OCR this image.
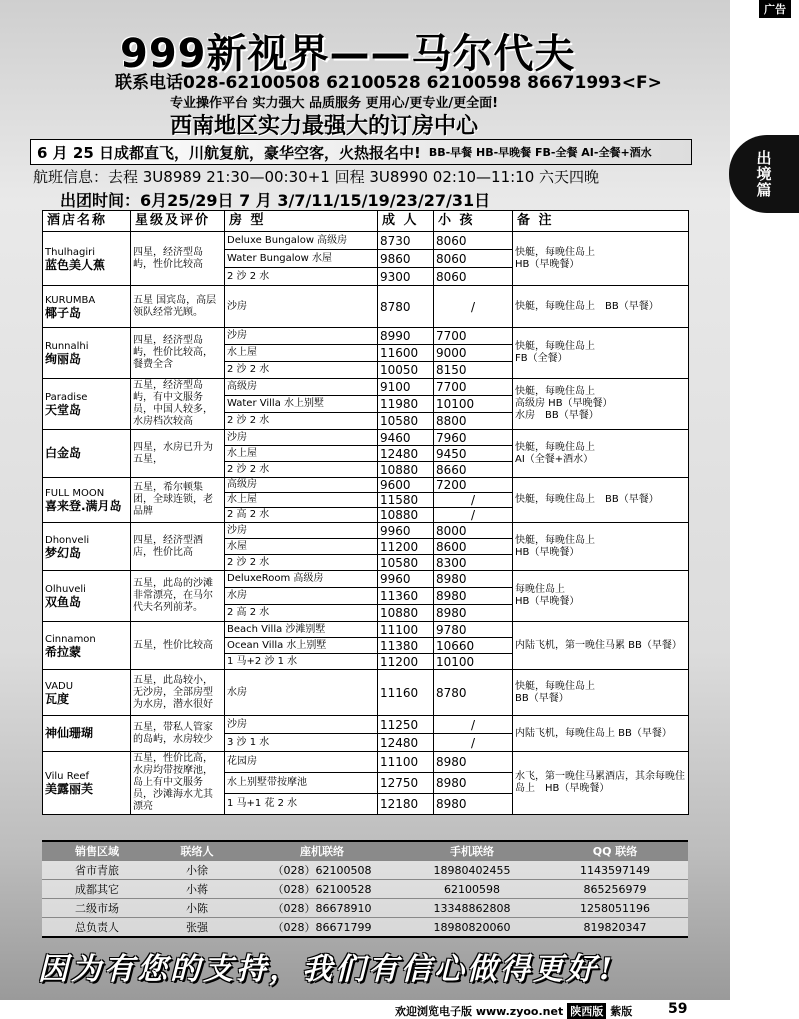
999新视界——马尔代夫
联系电话028-62100508 62100528 62100598 86671993<F>
专业操作平台 实力强大 品质服务 更用心/更专业/更全面!
西南地区实力最强大的订房中心
6 月 25 日成都直飞，川航复航，豪华空客，火热报名中! BB-早餐 HB-早晚餐 FB-全餐 AI-全餐+酒水
航班信息：去程 3U8989 21:30—00:30+1 回程 3U8990 02:10—11:10 六天四晚
出团时间：6月25/29日 7 月 3/7/11/15/19/23/27/31日
酒店名称	星级及评价	房 型	成 人	小 孩	备 注

Thulhagiri
蓝色美人蕉	四星，经济型岛屿，性价比较高	Deluxe Bungalow 高级房	8730	8060	快艇，每晚住岛上
HB（早晚餐）
		Water Bungalow 水屋	9860	8060	
		2 沙 2 水	9300	8060	

KURUMBA
椰子岛	五星 国宾岛，高层领队经常光顾。	沙房	8780	/	快艇，每晚住岛上　BB（早餐）

Runnalhi
绚丽岛	四星，经济型岛屿，性价比较高，餐费全含	沙房	8990	7700	快艇，每晚住岛上
FB（全餐）
		水上屋	11600	9000	
		2 沙 2 水	10050	8150	

Paradise
天堂岛	五星，经济型岛屿，有中文服务员，中国人较多，水房档次较高	高级房	9100	7700	快艇，每晚住岛上
高级房 HB（早晚餐）
水房　BB（早餐）
		Water Villa 水上别墅	11980	10100	
		2 沙 2 水	10580	8800	

白金岛	四星，水房已升为五星，	沙房	9460	7960	快艇，每晚住岛上
AI（全餐+酒水）
		水上屋	12480	9450	
		2 沙 2 水	10880	8660	

FULL MOON
喜来登.满月岛	五星，希尔顿集团，全球连锁，老品牌	高级房	9600	7200	快艇，每晚住岛上　BB（早餐）
		水上屋	11580	/	
		2 高 2 水	10880	/	

Dhonveli
梦幻岛	四星，经济型酒店，性价比高	沙房	9960	8000	快艇，每晚住岛上
HB（早晚餐）
		水屋	11200	8600	
		2 沙 2 水	10580	8300	

Olhuveli
双鱼岛	五星，此岛的沙滩非常漂亮，在马尔代夫名列前茅。	DeluxeRoom 高级房	9960	8980	每晚住岛上
HB（早晚餐）
		水房	11360	8980	
		2 高 2 水	10880	8980	

Cinnamon
希拉蒙	五星，性价比较高	Beach Villa 沙滩别墅	11100	9780	内陆飞机，第一晚住马累 BB（早餐）
		Ocean Villa 水上别墅	11380	10660	
		1 马+2 沙 1 水	11200	10100	

VADU
瓦度	五星，此岛较小，无沙房，全部房型为水房，潜水很好	水房	11160	8780	快艇，每晚住岛上
BB（早餐）

神仙珊瑚	五星，带私人管家的岛屿，水房较少	沙房	11250	/	内陆飞机，每晚住岛上 BB（早餐）
		3 沙 1 水	12480	/	

Vilu Reef
美露丽芙	五星，性价比高，水房均带按摩池，岛上有中文服务员，沙滩海水尤其漂亮	花园房	11100	8980	水飞，第一晚住马累酒店，其余每晚住岛上　HB（早晚餐）
		水上别墅带按摩池	12750	8980	
		1 马+1 花 2 水	12180	8980	
销售区域	联络人	座机联络	手机联络	QQ 联络
省市青旅	小徐	（028）62100508	18980402455	1143597149
成都其它	小蒋	（028）62100528	62100598	865256979
二级市场	小陈	（028）86678910	13348862808	1258051196
总负责人	张强	（028）86671799	18980820060	819820347
因为有您的支持，我们有信心做得更好!
广告
出境篇
欢迎浏览电子版 www.zyoo.net 陕西版 紫版	59
